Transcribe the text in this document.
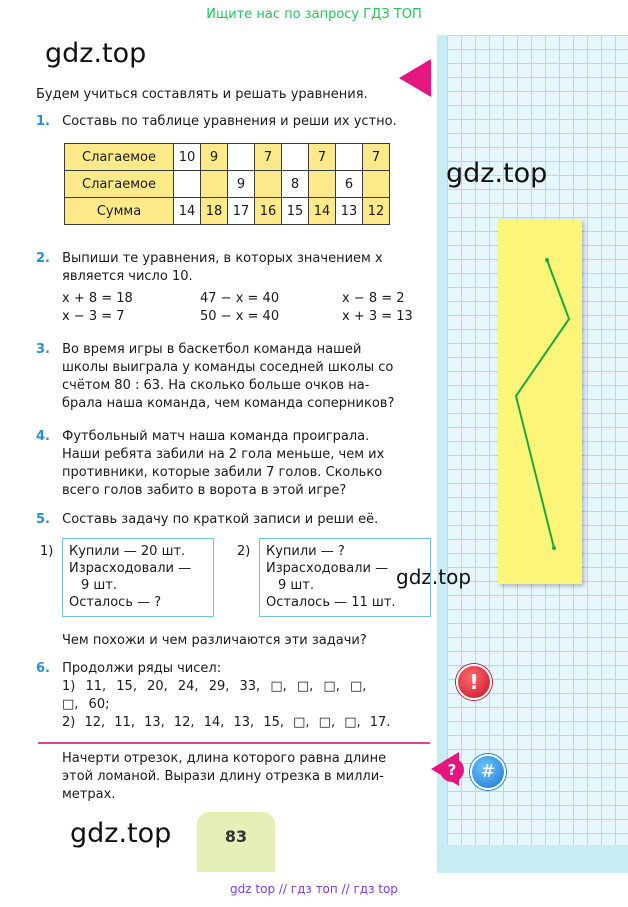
Ищите нас по запросу ГДЗ ТОП
gdz.top
gdz.top
gdz.top
gdz.top
Будем учиться составлять и решать уравнения.
1. Составь по таблице уравнения и реши их устно.
Слагаемое	10	9		7		7		7
Слагаемое			9		8		6	
Сумма	14	18	17	16	15	14	13	12
2. Выпиши те уравнения, в которых значением x
является число 10.
x + 8 = 18	47 − x = 40	x − 8 = 2
x − 3 = 7	50 − x = 40	x + 3 = 13
3. Во время игры в баскетбол команда нашей
школы выиграла у команды соседней школы со
счётом 80 : 63. На сколько больше очков на-
брала наша команда, чем команда соперников?
4. Футбольный матч наша команда проиграла.
Наши ребята забили на 2 гола меньше, чем их
противники, которые забили 7 голов. Сколько
всего голов забито в ворота в этой игре?
5. Составь задачу по краткой записи и реши её.
1) Купили — 20 шт.
Израсходовали —
9 шт.
Осталось — ?
2) Купили — ?
Израсходовали —
9 шт.
Осталось — 11 шт.
Чем похожи и чем различаются эти задачи?
6. Продолжи ряды чисел:
1) 11, 15, 20, 24, 29, 33, □, □, □, □,
□, 60;
2) 12, 11, 13, 12, 14, 13, 15, □, □, □, 17.
Начерти отрезок, длина которого равна длине
этой ломаной. Вырази длину отрезка в милли-
метрах.
?	#
!
83
gdz top // гдз топ // гдз top
